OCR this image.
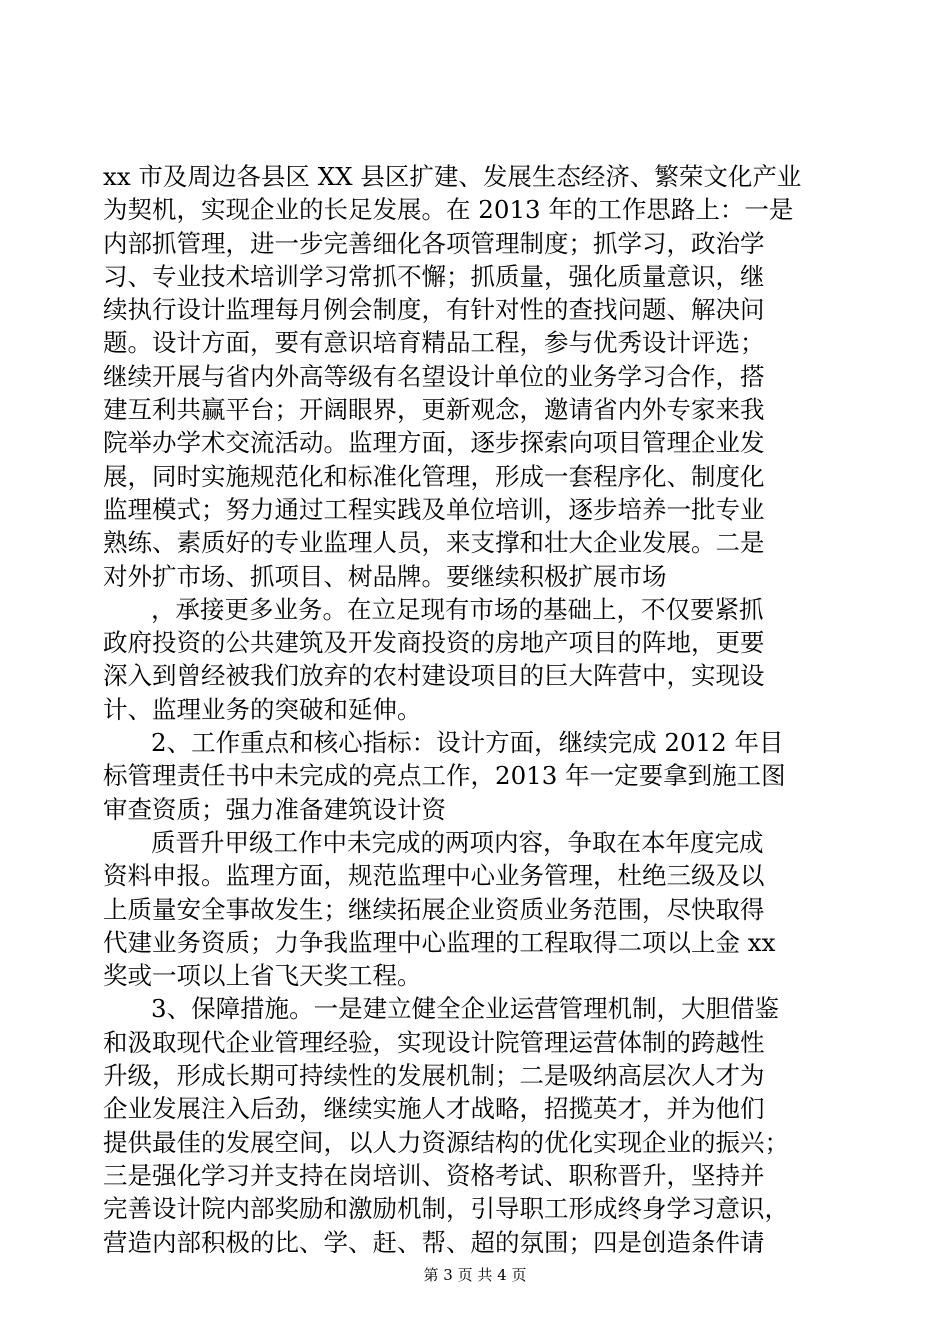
xx 市及周边各县区 XX 县区扩建、发展生态经济、繁荣文化产业
为契机，实现企业的长足发展。在 2013 年的工作思路上：一是
内部抓管理，进一步完善细化各项管理制度；抓学习，政治学
习、专业技术培训学习常抓不懈；抓质量，强化质量意识，继
续执行设计监理每月例会制度，有针对性的查找问题、解决问
题。设计方面，要有意识培育精品工程，参与优秀设计评选；
继续开展与省内外高等级有名望设计单位的业务学习合作，搭
建互利共赢平台；开阔眼界，更新观念，邀请省内外专家来我
院举办学术交流活动。监理方面，逐步探索向项目管理企业发
展，同时实施规范化和标准化管理，形成一套程序化、制度化
监理模式；努力通过工程实践及单位培训，逐步培养一批专业
熟练、素质好的专业监理人员，来支撑和壮大企业发展。二是
对外扩市场、抓项目、树品牌。要继续积极扩展市场
，承接更多业务。在立足现有市场的基础上，不仅要紧抓
政府投资的公共建筑及开发商投资的房地产项目的阵地，更要
深入到曾经被我们放弃的农村建设项目的巨大阵营中，实现设
计、监理业务的突破和延伸。
2、工作重点和核心指标：设计方面，继续完成 2012 年目
标管理责任书中未完成的亮点工作，2013 年一定要拿到施工图
审查资质；强力准备建筑设计资
质晋升甲级工作中未完成的两项内容，争取在本年度完成
资料申报。监理方面，规范监理中心业务管理，杜绝三级及以
上质量安全事故发生；继续拓展企业资质业务范围，尽快取得
代建业务资质；力争我监理中心监理的工程取得二项以上金 xx
奖或一项以上省飞天奖工程。
3、保障措施。一是建立健全企业运营管理机制，大胆借鉴
和汲取现代企业管理经验，实现设计院管理运营体制的跨越性
升级，形成长期可持续性的发展机制；二是吸纳高层次人才为
企业发展注入后劲，继续实施人才战略，招揽英才，并为他们
提供最佳的发展空间，以人力资源结构的优化实现企业的振兴；
三是强化学习并支持在岗培训、资格考试、职称晋升，坚持并
完善设计院内部奖励和激励机制，引导职工形成终身学习意识，
营造内部积极的比、学、赶、帮、超的氛围；四是创造条件请
第 3 页 共 4 页
